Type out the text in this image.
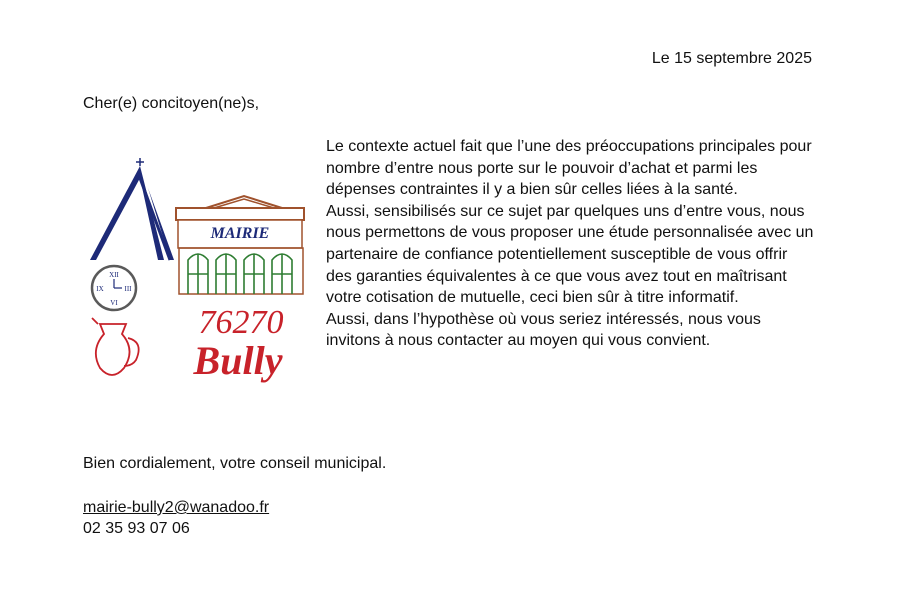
Le 15 septembre 2025
Cher(e) concitoyen(ne)s,
MAIRIE
XII
III
VI
IX
76270
Bully

Le contexte actuel fait que l’une des préoccupations principales pour nombre d’entre nous porte sur le pouvoir d’achat et parmi les dépenses contraintes il y a bien sûr celles liées à la santé.

Aussi, sensibilisés sur ce sujet par quelques uns d’entre vous, nous nous permettons de vous proposer une étude personnalisée avec un partenaire de confiance potentiellement susceptible de vous offrir des garanties équivalentes à ce que vous avez tout en maîtrisant votre cotisation de mutuelle, ceci bien sûr à titre informatif.

Aussi, dans l’hypothèse où vous seriez intéressés, nous vous invitons à nous contacter au moyen qui vous convient.

Bien cordialement, votre conseil municipal.
mairie-bully2@wanadoo.fr
02 35 93 07 06
